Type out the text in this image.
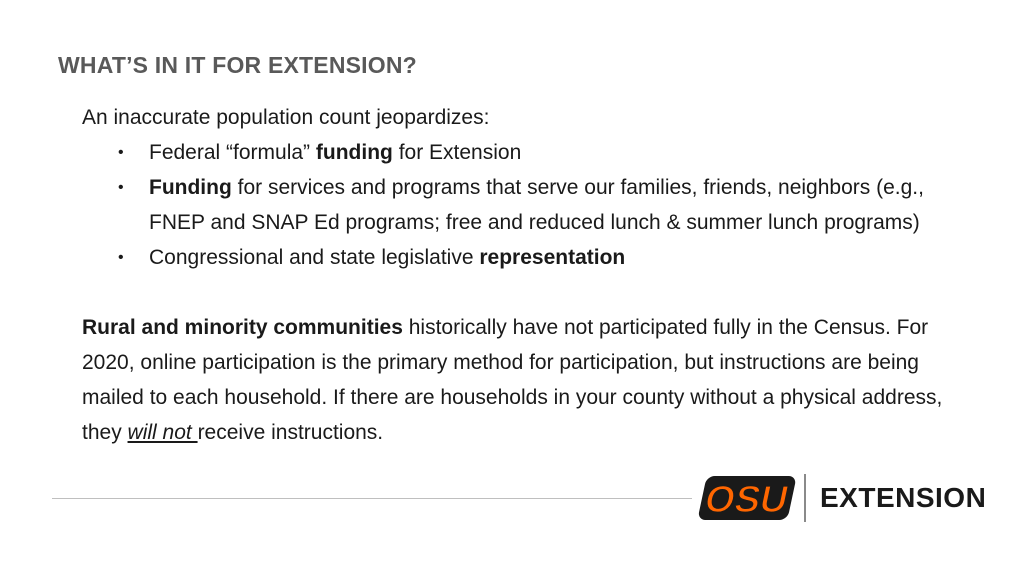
WHAT’S IN IT FOR EXTENSION?

An inaccurate population count jeopardizes:

• Federal “formula” funding for Extension
• Funding for services and programs that serve our families, friends, neighbors (e.g., FNEP and SNAP Ed programs; free and reduced lunch & summer lunch programs)
• Congressional and state legislative representation

Rural and minority communities historically have not participated fully in the Census. For 2020, online participation is the primary method for participation, but instructions are being mailed to each household. If there are households in your county without a physical address, they will not receive instructions.

OSU EXTENSION
